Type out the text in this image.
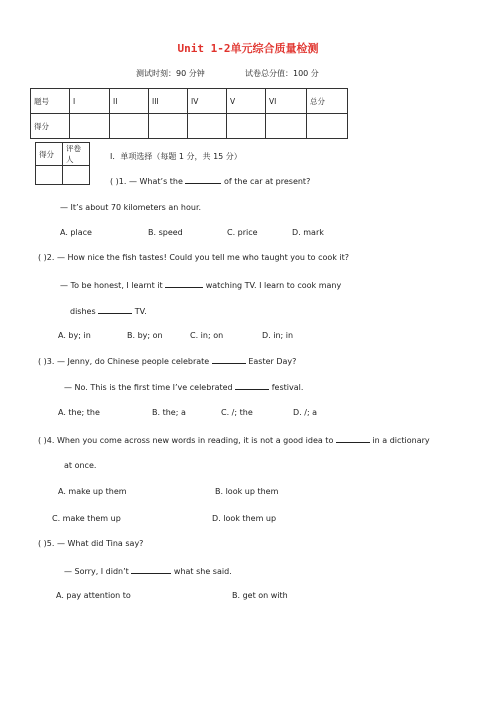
Unit 1-2单元综合质量检测
测试时刻：90 分钟	试卷总分值：100 分
题号	I	II	III	IV	V	VI	总分
得分							
得分	评卷人
		I．单项选择（每题 1 分，共 15 分）
( )1. — What’s the	of the car at present?
— It’s about 70 kilometers an hour.
A. place	B. speed	C. price	D. mark
( )2. — How nice the fish tastes! Could you tell me who taught you to cook it?
— To be honest, I learnt it	watching TV. I learn to cook many
dishes	TV.
A. by; in	B. by; on	C. in; on	D. in; in
( )3. — Jenny, do Chinese people celebrate	Easter Day?
— No. This is the first time I’ve celebrated	festival.
A. the; the	B. the; a	C. /; the	D. /; a
( )4. When you come across new words in reading, it is not a good idea to	in a dictionary
at once.
A. make up them	B. look up them
C. make them up	D. look them up
( )5. — What did Tina say?
— Sorry, I didn’t	what she said.
A. pay attention to	B. get on with
